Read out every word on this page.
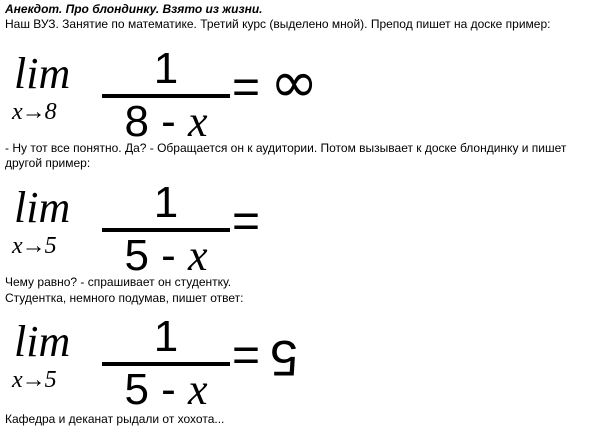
Анекдот. Про блондинку. Взято из жизни.
Наш ВУЗ. Занятие по математике. Третий курс (выделено мной). Препод пишет на доске пример:
lim
x→8
1
8 - x
= ∞
- Ну тот все понятно. Да? - Обращается он к аудитории. Потом вызывает к доске блондинку и пишет
другой пример:
lim
x→5
1
5 - x
=
Чему равно? - спрашивает он студентку.
Студентка, немного подумав, пишет ответ:
lim
x→5
1
5 - x
= 5
Кафедра и деканат рыдали от хохота...
